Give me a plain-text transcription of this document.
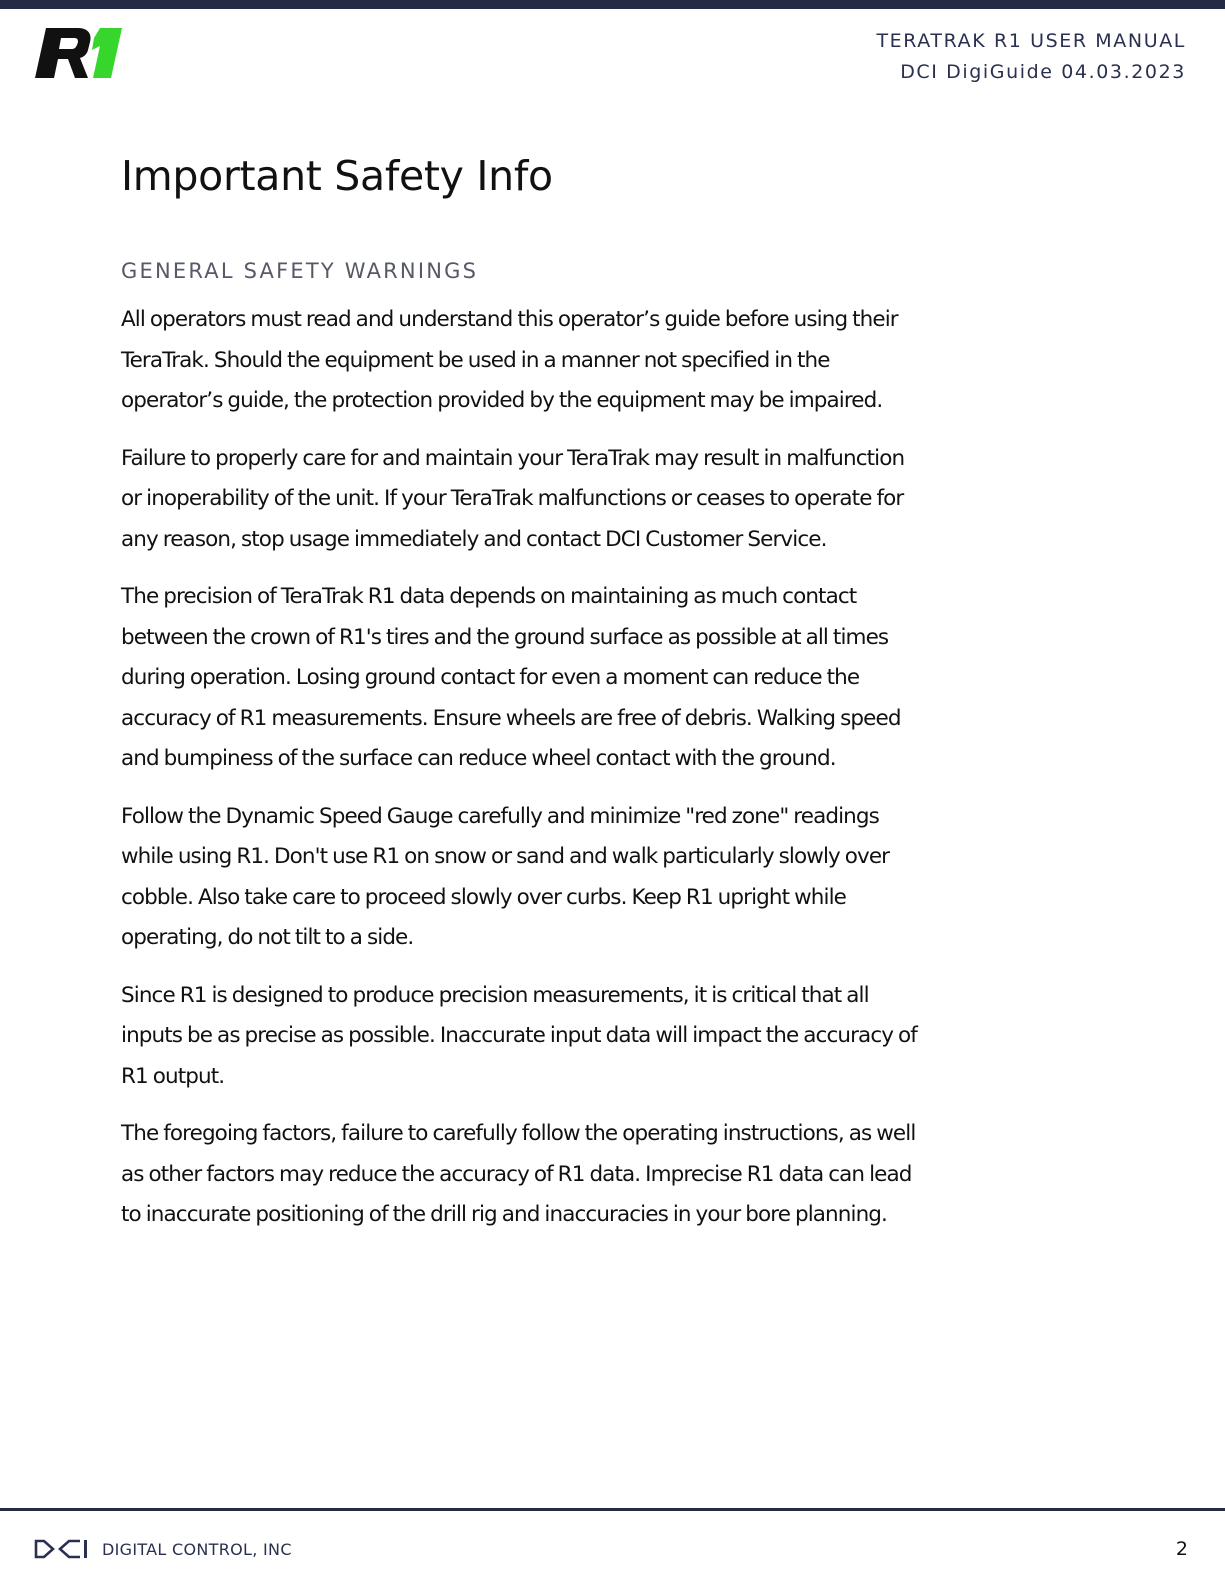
TERATRAK R1 USER MANUAL
DCI DigiGuide 04.03.2023
Important Safety Info
GENERAL SAFETY WARNINGS

All operators must read and understand this operator’s guide before using their TeraTrak. Should the equipment be used in a manner not specified in the operator’s guide, the protection provided by the equipment may be impaired.

Failure to properly care for and maintain your TeraTrak may result in malfunction or inoperability of the unit. If your TeraTrak malfunctions or ceases to operate for any reason, stop usage immediately and contact DCI Customer Service.

The precision of TeraTrak R1 data depends on maintaining as much contact between the crown of R1's tires and the ground surface as possible at all times during operation. Losing ground contact for even a moment can reduce the accuracy of R1 measurements. Ensure wheels are free of debris. Walking speed and bumpiness of the surface can reduce wheel contact with the ground.

Follow the Dynamic Speed Gauge carefully and minimize "red zone" readings while using R1. Don't use R1 on snow or sand and walk particularly slowly over cobble. Also take care to proceed slowly over curbs. Keep R1 upright while operating, do not tilt to a side.

Since R1 is designed to produce precision measurements, it is critical that all inputs be as precise as possible. Inaccurate input data will impact the accuracy of R1 output.

The foregoing factors, failure to carefully follow the operating instructions, as well as other factors may reduce the accuracy of R1 data. Imprecise R1 data can lead to inaccurate positioning of the drill rig and inaccuracies in your bore planning.

DIGITAL CONTROL, INC	2
